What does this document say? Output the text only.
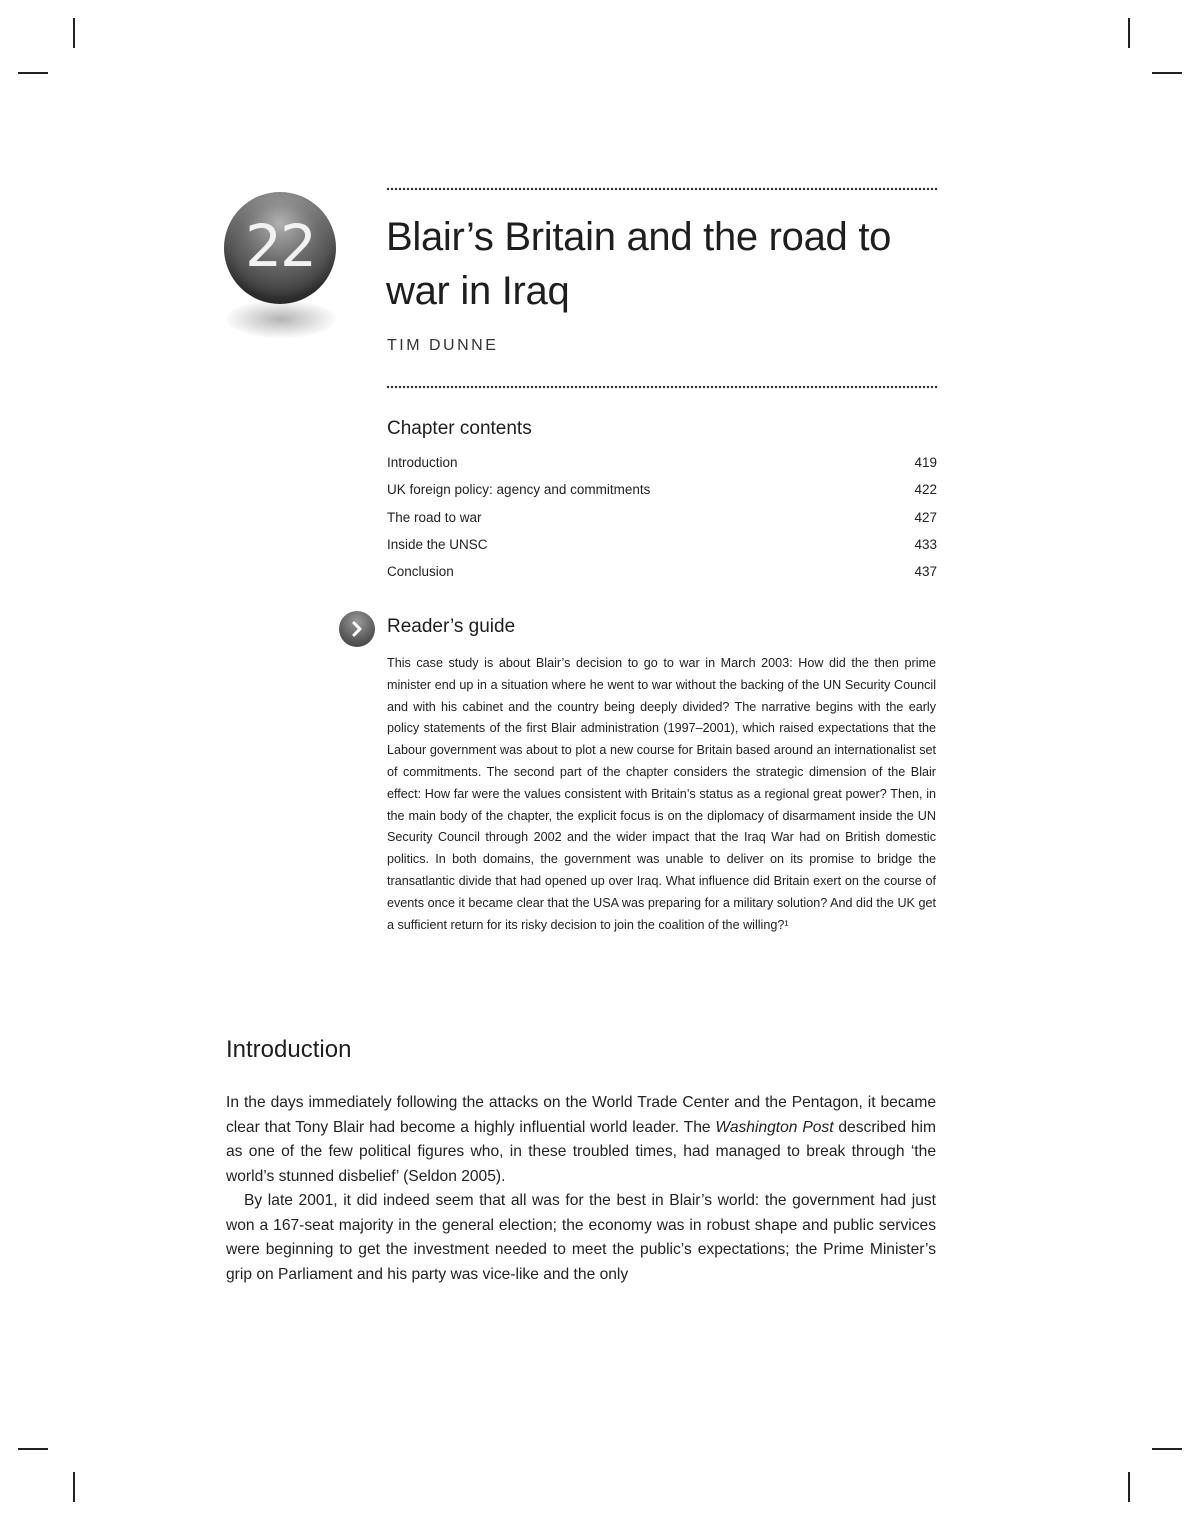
22 Blair’s Britain and the road to war in Iraq
TIM DUNNE
Chapter contents
Introduction	419
UK foreign policy: agency and commitments	422
The road to war	427
Inside the UNSC	433
Conclusion	437
Reader’s guide

This case study is about Blair’s decision to go to war in March 2003: How did the then prime minister end up in a situation where he went to war without the backing of the UN Security Council and with his cabinet and the country being deeply divided? The narrative begins with the early policy statements of the first Blair administration (1997–2001), which raised expectations that the Labour government was about to plot a new course for Britain based around an internationalist set of commitments. The second part of the chapter considers the strategic dimension of the Blair effect: How far were the values consistent with Britain’s status as a regional great power? Then, in the main body of the chapter, the explicit focus is on the diplomacy of disarmament inside the UN Security Council through 2002 and the wider impact that the Iraq War had on British domestic politics. In both domains, the government was unable to deliver on its promise to bridge the transatlantic divide that had opened up over Iraq. What influence did Britain exert on the course of events once it became clear that the USA was preparing for a military solution? And did the UK get a sufficient return for its risky decision to join the coalition of the willing?¹

Introduction

In the days immediately following the attacks on the World Trade Center and the Pentagon, it became clear that Tony Blair had become a highly influential world leader. The Washington Post described him as one of the few political figures who, in these troubled times, had managed to break through ‘the world’s stunned disbelief’ (Seldon 2005).

By late 2001, it did indeed seem that all was for the best in Blair’s world: the government had just won a 167-seat majority in the general election; the economy was in robust shape and public services were beginning to get the investment needed to meet the public’s expectations; the Prime Minister’s grip on Parliament and his party was vice-like and the only
